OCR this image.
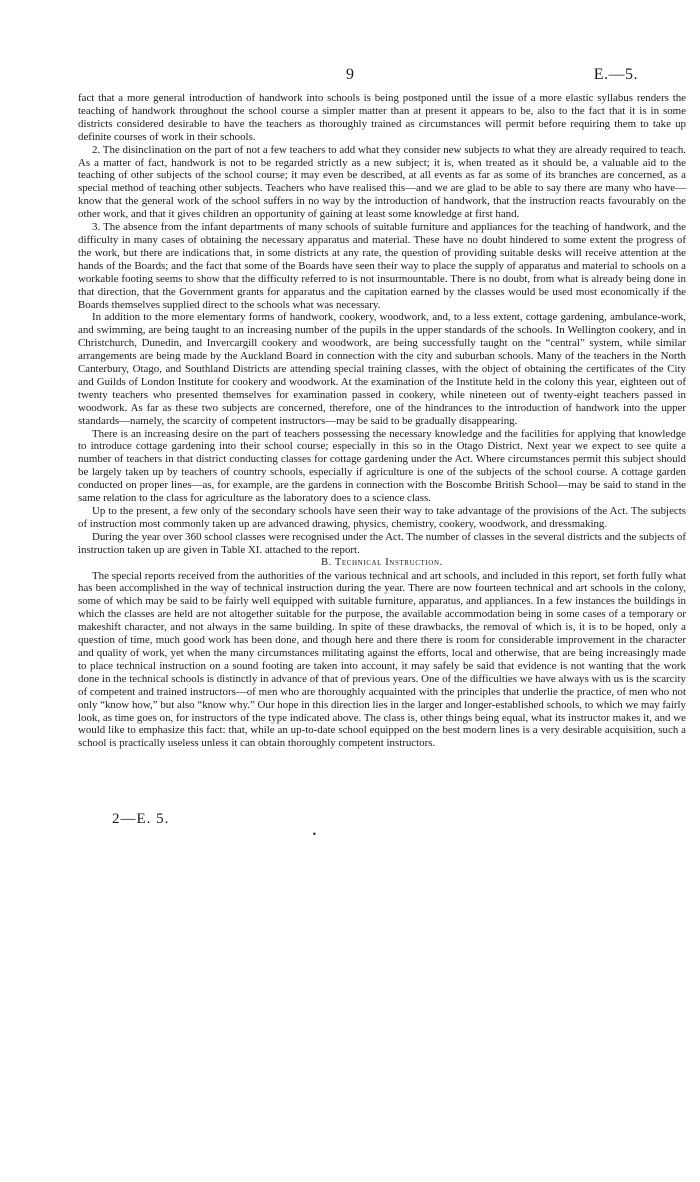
9	E.—5.

fact that a more general introduction of handwork into schools is being postponed until the issue of a more elastic syllabus renders the teaching of handwork throughout the school course a simpler matter than at present it appears to be, also to the fact that it is in some districts considered desirable to have the teachers as thoroughly trained as circumstances will permit before requiring them to take up definite courses of work in their schools.

2. The disinclination on the part of not a few teachers to add what they consider new subjects to what they are already required to teach. As a matter of fact, handwork is not to be regarded strictly as a new subject; it is, when treated as it should be, a valuable aid to the teaching of other subjects of the school course; it may even be described, at all events as far as some of its branches are concerned, as a special method of teaching other subjects. Teachers who have realised this—and we are glad to be able to say there are many who have—know that the general work of the school suffers in no way by the introduction of handwork, that the instruction reacts favourably on the other work, and that it gives children an opportunity of gaining at least some knowledge at first hand.

3. The absence from the infant departments of many schools of suitable furniture and appliances for the teaching of handwork, and the difficulty in many cases of obtaining the necessary apparatus and material. These have no doubt hindered to some extent the progress of the work, but there are indications that, in some districts at any rate, the question of providing suitable desks will receive attention at the hands of the Boards; and the fact that some of the Boards have seen their way to place the supply of apparatus and material to schools on a workable footing seems to show that the difficulty referred to is not insurmountable. There is no doubt, from what is already being done in that direction, that the Government grants for apparatus and the capitation earned by the classes would be used most economically if the Boards themselves supplied direct to the schools what was necessary.

In addition to the more elementary forms of handwork, cookery, woodwork, and, to a less extent, cottage gardening, ambulance-work, and swimming, are being taught to an increasing number of the pupils in the upper standards of the schools. In Wellington cookery, and in Christchurch, Dunedin, and Invercargill cookery and woodwork, are being successfully taught on the “central” system, while similar arrangements are being made by the Auckland Board in connection with the city and suburban schools. Many of the teachers in the North Canterbury, Otago, and Southland Districts are attending special training classes, with the object of obtaining the certificates of the City and Guilds of London Institute for cookery and woodwork. At the examination of the Institute held in the colony this year, eighteen out of twenty teachers who presented themselves for examination passed in cookery, while nineteen out of twenty-eight teachers passed in woodwork. As far as these two subjects are concerned, therefore, one of the hindrances to the introduction of handwork into the upper standards—namely, the scarcity of competent instructors—may be said to be gradually disappearing.

There is an increasing desire on the part of teachers possessing the necessary knowledge and the facilities for applying that knowledge to introduce cottage gardening into their school course; especially in this so in the Otago District. Next year we expect to see quite a number of teachers in that district conducting classes for cottage gardening under the Act. Where circumstances permit this subject should be largely taken up by teachers of country schools, especially if agriculture is one of the subjects of the school course. A cottage garden conducted on proper lines—as, for example, are the gardens in connection with the Boscombe British School—may be said to stand in the same relation to the class for agriculture as the laboratory does to a science class.

Up to the present, a few only of the secondary schools have seen their way to take advantage of the provisions of the Act. The subjects of instruction most commonly taken up are advanced drawing, physics, chemistry, cookery, woodwork, and dressmaking.

During the year over 360 school classes were recognised under the Act. The number of classes in the several districts and the subjects of instruction taken up are given in Table XI. attached to the report.

B. Technical Instruction.

The special reports received from the authorities of the various technical and art schools, and included in this report, set forth fully what has been accomplished in the way of technical instruction during the year. There are now fourteen technical and art schools in the colony, some of which may be said to be fairly well equipped with suitable furniture, apparatus, and appliances. In a few instances the buildings in which the classes are held are not altogether suitable for the purpose, the available accommodation being in some cases of a temporary or makeshift character, and not always in the same building. In spite of these drawbacks, the removal of which is, it is to be hoped, only a question of time, much good work has been done, and though here and there there is room for considerable improvement in the character and quality of work, yet when the many circumstances militating against the efforts, local and otherwise, that are being increasingly made to place technical instruction on a sound footing are taken into account, it may safely be said that evidence is not wanting that the work done in the technical schools is distinctly in advance of that of previous years. One of the difficulties we have always with us is the scarcity of competent and trained instructors—of men who are thoroughly acquainted with the principles that underlie the practice, of men who not only “know how,” but also “know why.” Our hope in this direction lies in the larger and longer-established schools, to which we may fairly look, as time goes on, for instructors of the type indicated above. The class is, other things being equal, what its instructor makes it, and we would like to emphasize this fact: that, while an up-to-date school equipped on the best modern lines is a very desirable acquisition, such a school is practically useless unless it can obtain thoroughly competent instructors.

2—E. 5.
•
